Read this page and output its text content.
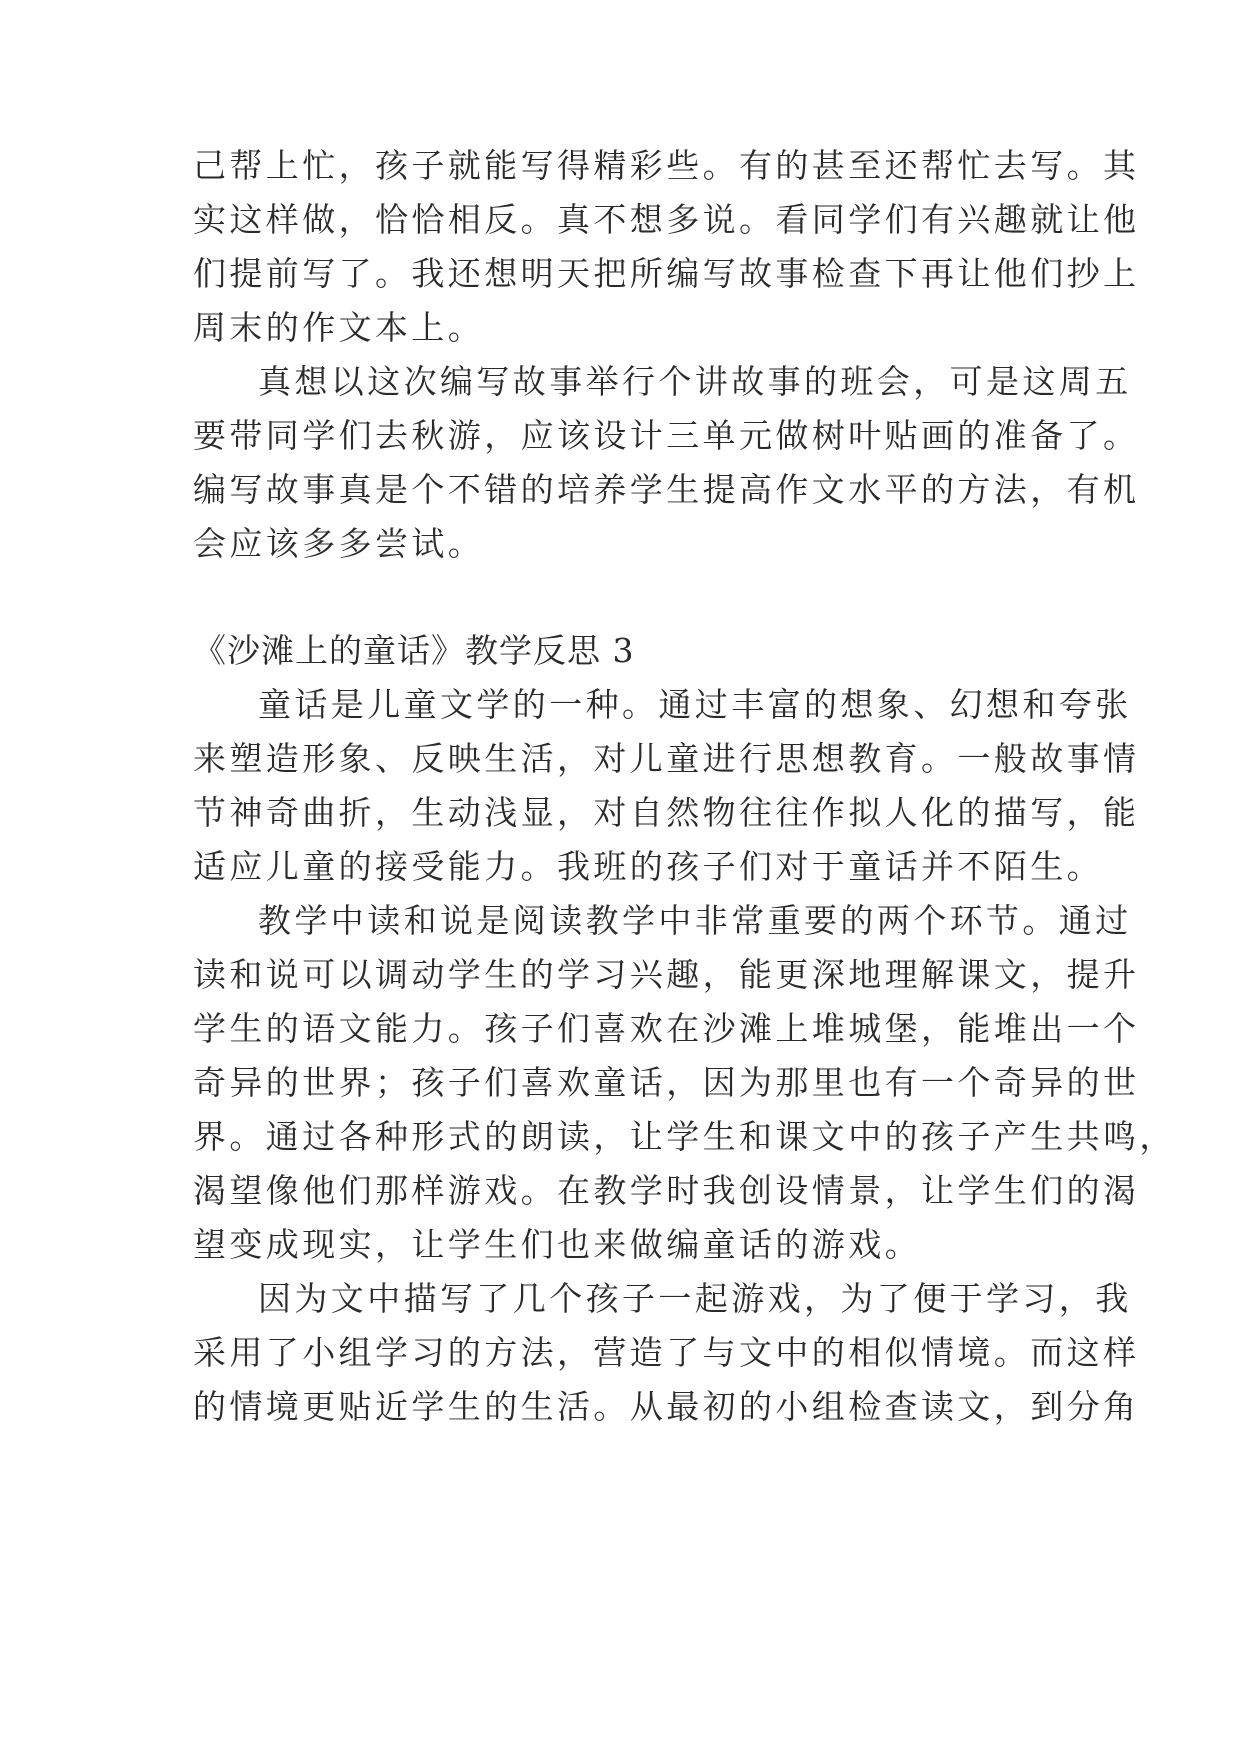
己帮上忙，孩子就能写得精彩些。有的甚至还帮忙去写。其

实这样做，恰恰相反。真不想多说。看同学们有兴趣就让他

们提前写了。我还想明天把所编写故事检查下再让他们抄上

周末的作文本上。

真想以这次编写故事举行个讲故事的班会，可是这周五

要带同学们去秋游，应该设计三单元做树叶贴画的准备了。

编写故事真是个不错的培养学生提高作文水平的方法，有机

会应该多多尝试。

《沙滩上的童话》教学反思 3

童话是儿童文学的一种。通过丰富的想象、幻想和夸张

来塑造形象、反映生活，对儿童进行思想教育。一般故事情

节神奇曲折，生动浅显，对自然物往往作拟人化的描写，能

适应儿童的接受能力。我班的孩子们对于童话并不陌生。

教学中读和说是阅读教学中非常重要的两个环节。通过

读和说可以调动学生的学习兴趣，能更深地理解课文，提升

学生的语文能力。孩子们喜欢在沙滩上堆城堡，能堆出一个

奇异的世界；孩子们喜欢童话，因为那里也有一个奇异的世

界。通过各种形式的朗读，让学生和课文中的孩子产生共鸣，

渴望像他们那样游戏。在教学时我创设情景，让学生们的渴

望变成现实，让学生们也来做编童话的游戏。

因为文中描写了几个孩子一起游戏，为了便于学习，我

采用了小组学习的方法，营造了与文中的相似情境。而这样

的情境更贴近学生的生活。从最初的小组检查读文，到分角
